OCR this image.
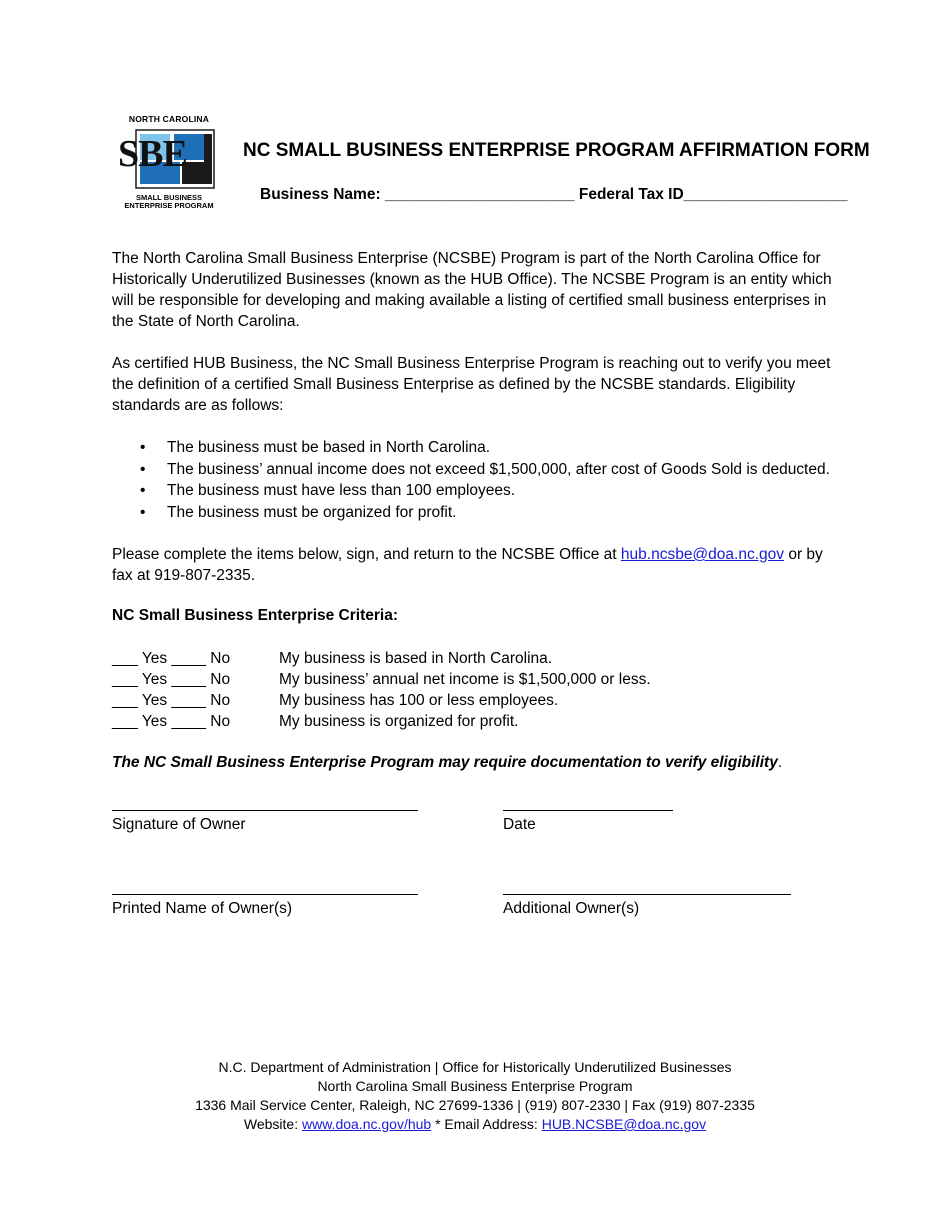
NORTH CAROLINA
SBE
SMALL BUSINESS
ENTERPRISE PROGRAM
NC SMALL BUSINESS ENTERPRISE PROGRAM AFFIRMATION FORM
Business Name: ______________________ Federal Tax ID___________________

The North Carolina Small Business Enterprise (NCSBE) Program is part of the North Carolina Office for Historically Underutilized Businesses (known as the HUB Office). The NCSBE Program is an entity which will be responsible for developing and making available a listing of certified small business enterprises in the State of North Carolina.

As certified HUB Business, the NC Small Business Enterprise Program is reaching out to verify you meet the definition of a certified Small Business Enterprise as defined by the NCSBE standards. Eligibility standards are as follows:

• The business must be based in North Carolina.
• The business’ annual income does not exceed $1,500,000, after cost of Goods Sold is deducted.
• The business must have less than 100 employees.
• The business must be organized for profit.

Please complete the items below, sign, and return to the NCSBE Office at hub.ncsbe@doa.nc.gov or by fax at 919-807-2335.

NC Small Business Enterprise Criteria:
___ Yes ____ No	My business is based in North Carolina.
___ Yes ____ No	My business’ annual net income is $1,500,000 or less.
___ Yes ____ No	My business has 100 or less employees.
___ Yes ____ No	My business is organized for profit.

The NC Small Business Enterprise Program may require documentation to verify eligibility.

Signature of Owner	Date
Printed Name of Owner(s)	Additional Owner(s)

N.C. Department of Administration | Office for Historically Underutilized Businesses

North Carolina Small Business Enterprise Program

1336 Mail Service Center, Raleigh, NC 27699-1336 | (919) 807-2330 | Fax (919) 807-2335

Website: www.doa.nc.gov/hub * Email Address: HUB.NCSBE@doa.nc.gov
